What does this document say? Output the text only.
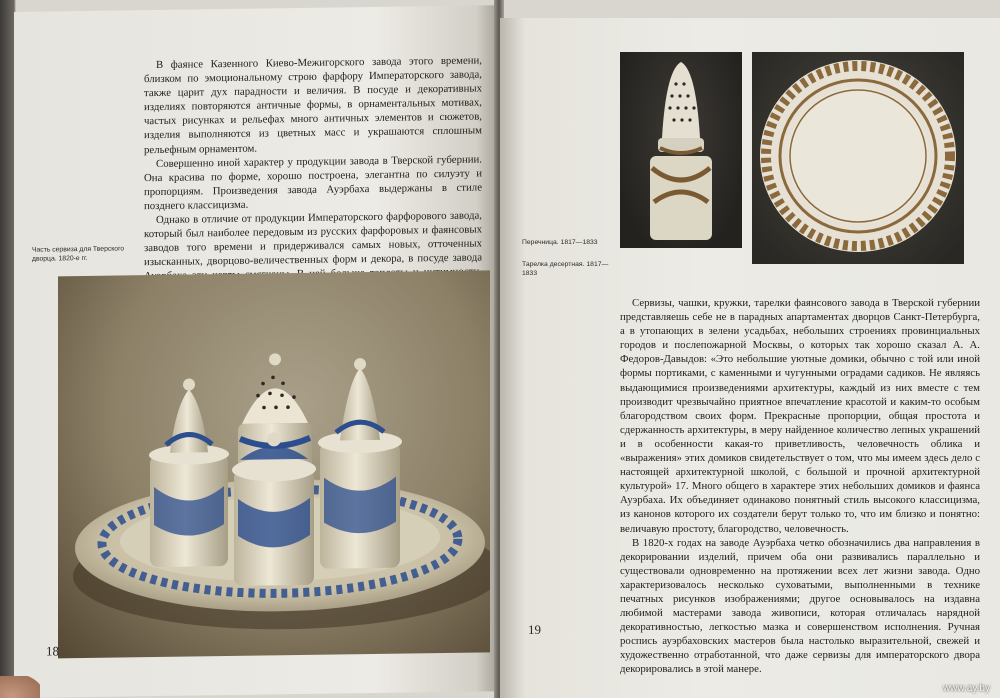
В фаянсе Казенного Киево-Межигорского завода этого времени, близком по эмоциональному строю фарфору Императорского завода, также царит дух парадности и величия. В посуде и декоративных изделиях повторяются античные формы, в орнаментальных мотивах, частых рисунках и рельефах много античных элементов и сюжетов, изделия выполняются из цветных масс и украшаются сплошным рельефным орнаментом.

Совершенно иной характер у продукции завода в Тверской губернии. Она красива по форме, хорошо построена, элегантна по силуэту и пропорциям. Произведения завода Ауэрбаха выдержаны в стиле позднего классицизма.

Однако в отличие от продукции Императорского фарфорового завода, который был наиболее передовым из русских фарфоровых и фаянсовых заводов того времени и придерживался самых новых, отточенных изысканных, дворцово-величественных форм и декора, в посуде завода

Часть сервиза для Тверского дворца. 1820-е гг.
18
Перечница. 1817—1833
Тарелка десертная. 1817—1833

Сервизы, чашки, кружки, тарелки фаянсового завода в Тверской губернии представляешь себе не в парадных апартаментах дворцов Санкт-Петербурга, а в утопающих в зелени усадьбах, небольших строениях провинциальных городов и послепожарной Москвы, о которых так хорошо сказал А. А. Федоров-Давыдов: «Это небольшие уютные домики, обычно с той или иной формы портиками, с каменными и чугунными оградами садиков. Не являясь выдающимися произведениями архитектуры, каждый из них вместе с тем производит чрезвычайно приятное впечатление красотой и каким-то особым благородством своих форм. Прекрасные пропорции, общая простота и сдержанность архитектуры, в меру найденное количество лепных украшений и в особенности какая-то приветливость, человечность облика и «выражения» этих домиков свидетельствует о том, что мы имеем здесь дело с настоящей архитектурной школой, с большой и прочной архитектурной культурой» 17. Много общего в характере этих небольших домиков и фаянса Ауэрбаха. Их объединяет одинаково понятный стиль высокого классицизма, из канонов которого их создатели берут только то, что им близко и понятно: величавую простоту, благородство, человечность.

В 1820-х годах на заводе Ауэрбаха четко обозначились два направления в декорировании изделий, причем оба они развивались параллельно и существовали одновременно на протяжении всех лет жизни завода. Одно характеризовалось несколько суховатыми, выполненными в технике печатных рисунков изображениями; другое основывалось на издавна любимой мастерами завода живописи, которая отличалась нарядной декоративностью, легкостью мазка и совершенством исполнения. Ручная роспись ауэрбаховских мастеров была настолько выразительной, свежей и художественно отработанной, что даже сервизы для императорского двора декорировались в этой манере.

19
www.ay.by
